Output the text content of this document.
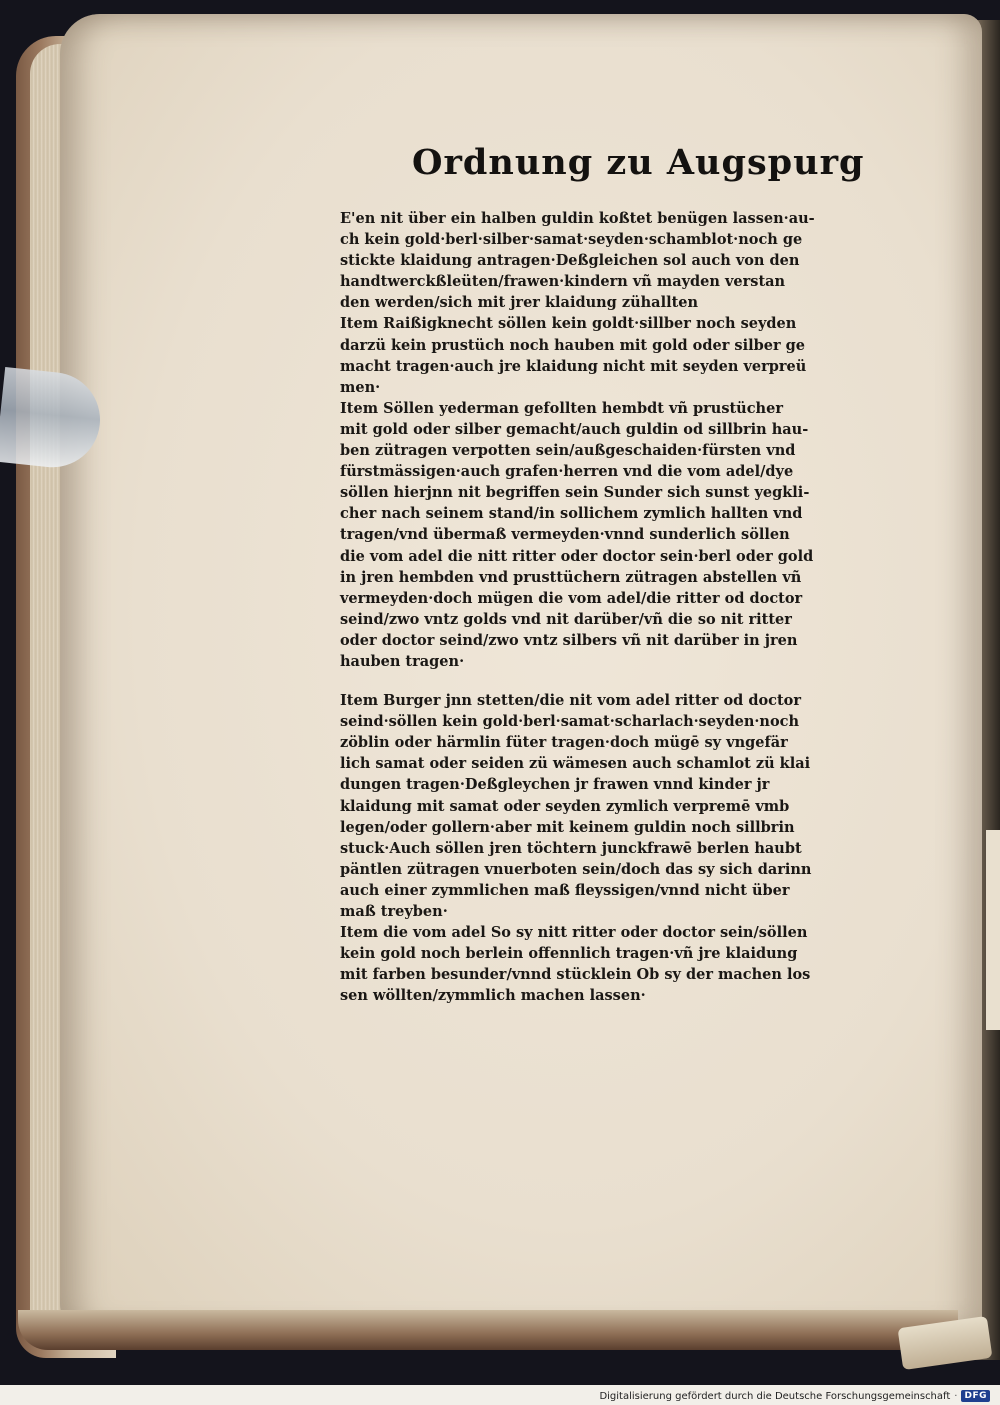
Ordnung zu Augspurg
E'en nit über ein halben guldin koßtet benügen lassen·au-
ch kein gold·berl·silber·samat·seyden·schamblot·noch ge
stickte klaidung antragen·Deßgleichen sol auch von den
handtwerckßleüten/frawen·kindern vñ mayden verstan
den werden/sich mit jrer klaidung zühallten
Item Raißigknecht söllen kein goldt·sillber noch seyden
darzü kein prustüch noch hauben mit gold oder silber ge
macht tragen·auch jre klaidung nicht mit seyden verpreü
men·
Item Söllen yederman gefollten hembdt vñ prustücher
mit gold oder silber gemacht/auch guldin od sillbrin hau-
ben zütragen verpotten sein/außgeschaiden·fürsten vnd
fürstmässigen·auch grafen·herren vnd die vom adel/dye
söllen hierjnn nit begriffen sein Sunder sich sunst yegkli-
cher nach seinem stand/in sollichem zymlich hallten vnd
tragen/vnd übermaß vermeyden·vnnd sunderlich söllen
die vom adel die nitt ritter oder doctor sein·berl oder gold
in jren hembden vnd prusttüchern zütragen abstellen vñ
vermeyden·doch mügen die vom adel/die ritter od doctor
seind/zwo vntz golds vnd nit darüber/vñ die so nit ritter
oder doctor seind/zwo vntz silbers vñ nit darüber in jren
hauben tragen·
Item Burger jnn stetten/die nit vom adel ritter od doctor
seind·söllen kein gold·berl·samat·scharlach·seyden·noch
zöblin oder härmlin füter tragen·doch mügē sy vngefär
lich samat oder seiden zü wämesen auch schamlot zü klai
dungen tragen·Deßgleychen jr frawen vnnd kinder jr
klaidung mit samat oder seyden zymlich verpremē vmb
legen/oder gollern·aber mit keinem guldin noch sillbrin
stuck·Auch söllen jren töchtern junckfrawē berlen haubt
päntlen zütragen vnuerboten sein/doch das sy sich darinn
auch einer zymmlichen maß fleyssigen/vnnd nicht über
maß treyben·
Item die vom adel So sy nitt ritter oder doctor sein/söllen
kein gold noch berlein offennlich tragen·vñ jre klaidung
mit farben besunder/vnnd stücklein Ob sy der machen los
sen wöllten/zymmlich machen lassen·
Digitalisierung gefördert durch die Deutsche Forschungsgemeinschaft · DFG
